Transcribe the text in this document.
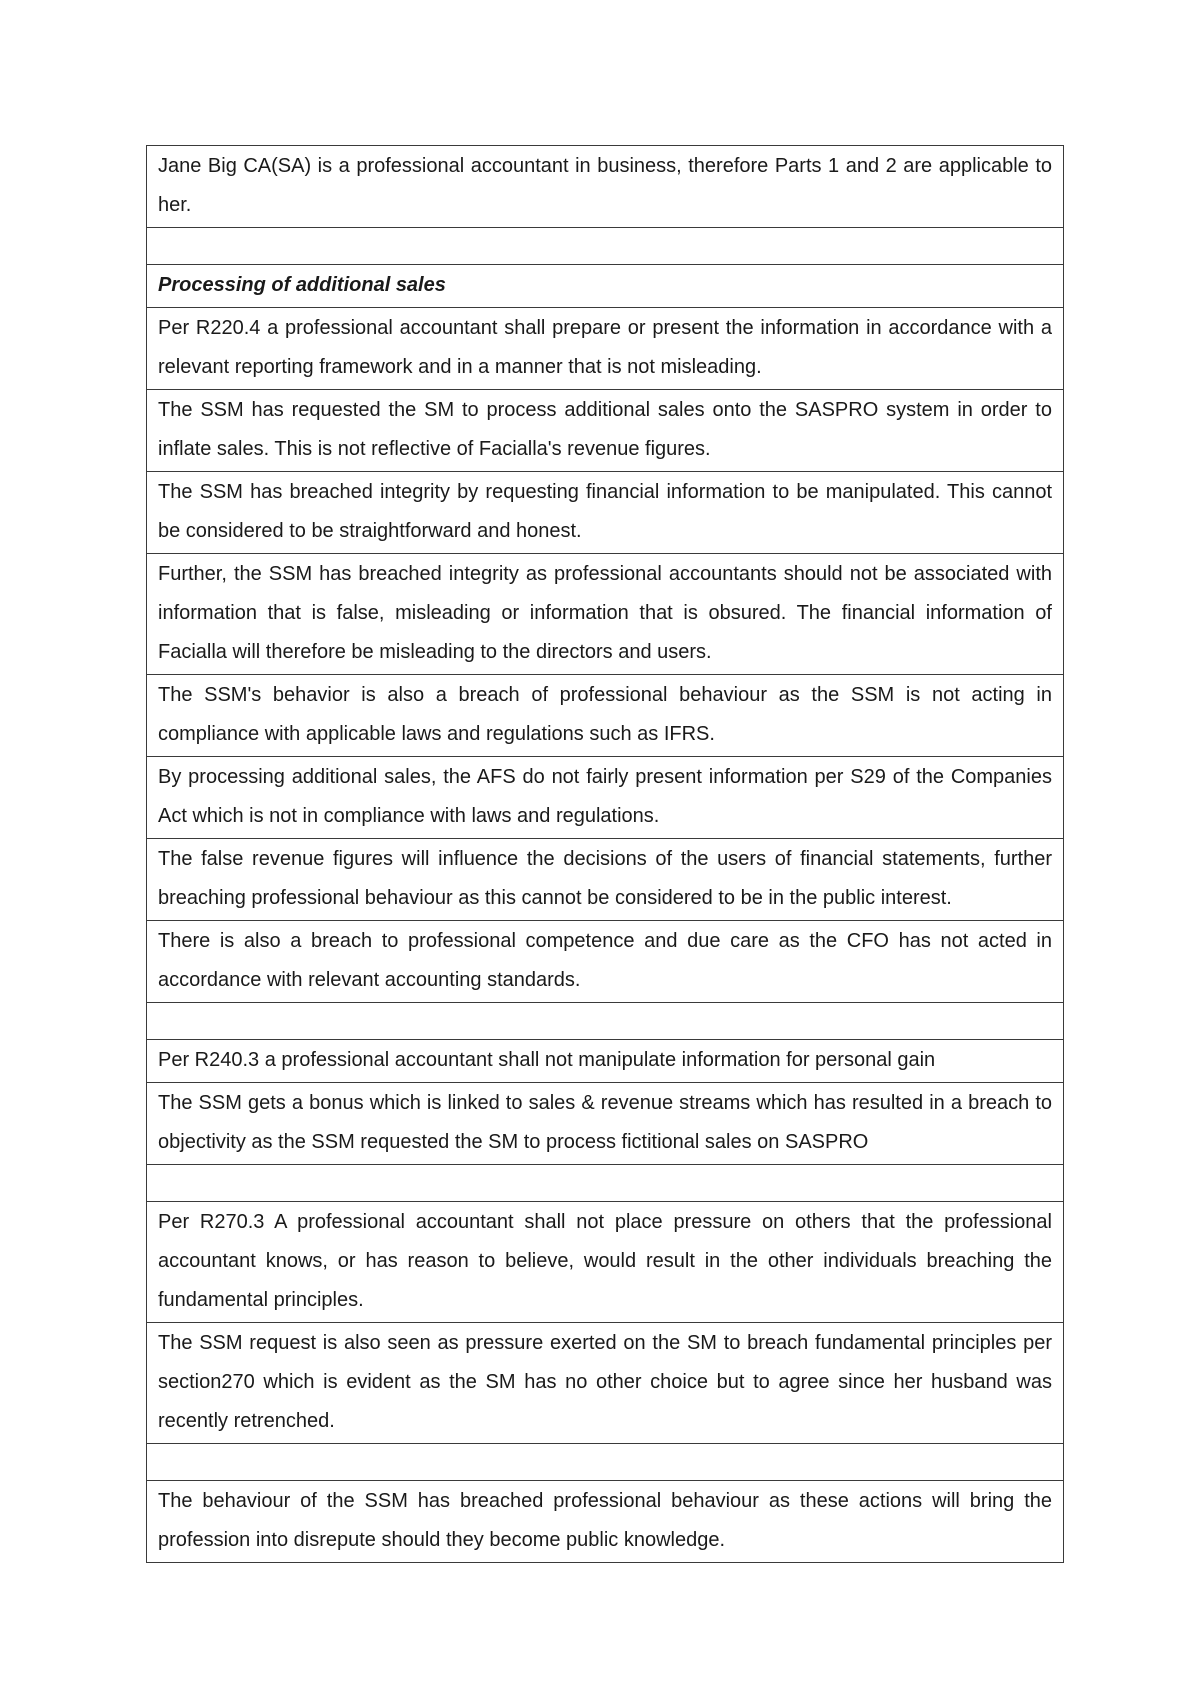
Jane Big CA(SA) is a professional accountant in business, therefore Parts 1 and 2 are applicable to her.

Processing of additional sales
Per R220.4 a professional accountant shall prepare or present the information in accordance with a relevant reporting framework and in a manner that is not misleading.
The SSM has requested the SM to process additional sales onto the SASPRO system in order to inflate sales. This is not reflective of Facialla's revenue figures.
The SSM has breached integrity by requesting financial information to be manipulated. This cannot be considered to be straightforward and honest.
Further, the SSM has breached integrity as professional accountants should not be associated with information that is false, misleading or information that is obsured. The financial information of Facialla will therefore be misleading to the directors and users.
The SSM's behavior is also a breach of professional behaviour as the SSM is not acting in compliance with applicable laws and regulations such as IFRS.
By processing additional sales, the AFS do not fairly present information per S29 of the Companies Act which is not in compliance with laws and regulations.
The false revenue figures will influence the decisions of the users of financial statements, further breaching professional behaviour as this cannot be considered to be in the public interest.
There is also a breach to professional competence and due care as the CFO has not acted in accordance with relevant accounting standards.

Per R240.3 a professional accountant shall not manipulate information for personal gain
The SSM gets a bonus which is linked to sales & revenue streams which has resulted in a breach to objectivity as the SSM requested the SM to process fictitional sales on SASPRO

Per R270.3 A professional accountant shall not place pressure on others that the professional accountant knows, or has reason to believe, would result in the other individuals breaching the fundamental principles.
The SSM request is also seen as pressure exerted on the SM to breach fundamental principles per section270 which is evident as the SM has no other choice but to agree since her husband was recently retrenched.

The behaviour of the SSM has breached professional behaviour as these actions will bring the profession into disrepute should they become public knowledge.
